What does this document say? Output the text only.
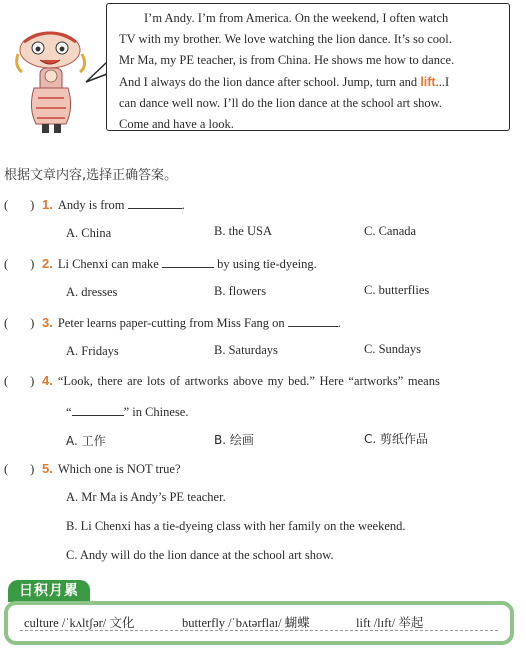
I’m Andy. I’m from America. On the weekend, I often watch
TV with my brother. We love watching the lion dance. It’s so cool.
Mr Ma, my PE teacher, is from China. He shows me how to dance.
And I always do the lion dance after school. Jump, turn and lift...I
can dance well now. I’ll do the lion dance at the school art show.
Come and have a look.
根据文章内容,选择正确答案。
( ) 1. Andy is from	.
A. China	B. the USA	C. Canada
( ) 2. Li Chenxi can make	by using tie-dyeing.
A. dresses	B. flowers	C. butterflies
( ) 3. Peter learns paper-cutting from Miss Fang on	.
A. Fridays	B. Saturdays	C. Sundays
( ) 4. “Look, there are lots of artworks above my bed.” Here “artworks” means
“	” in Chinese.
A. 工作	B. 绘画	C. 剪纸作品
( ) 5. Which one is NOT true?
A. Mr Ma is Andy’s PE teacher.
B. Li Chenxi has a tie-dyeing class with her family on the weekend.
C. Andy will do the lion dance at the school art show.
日积月累
culture /ˈkʌltʃər/ 文化	butterfly /ˈbʌtərflaɪ/ 蝴蝶	lift /lɪft/ 举起
